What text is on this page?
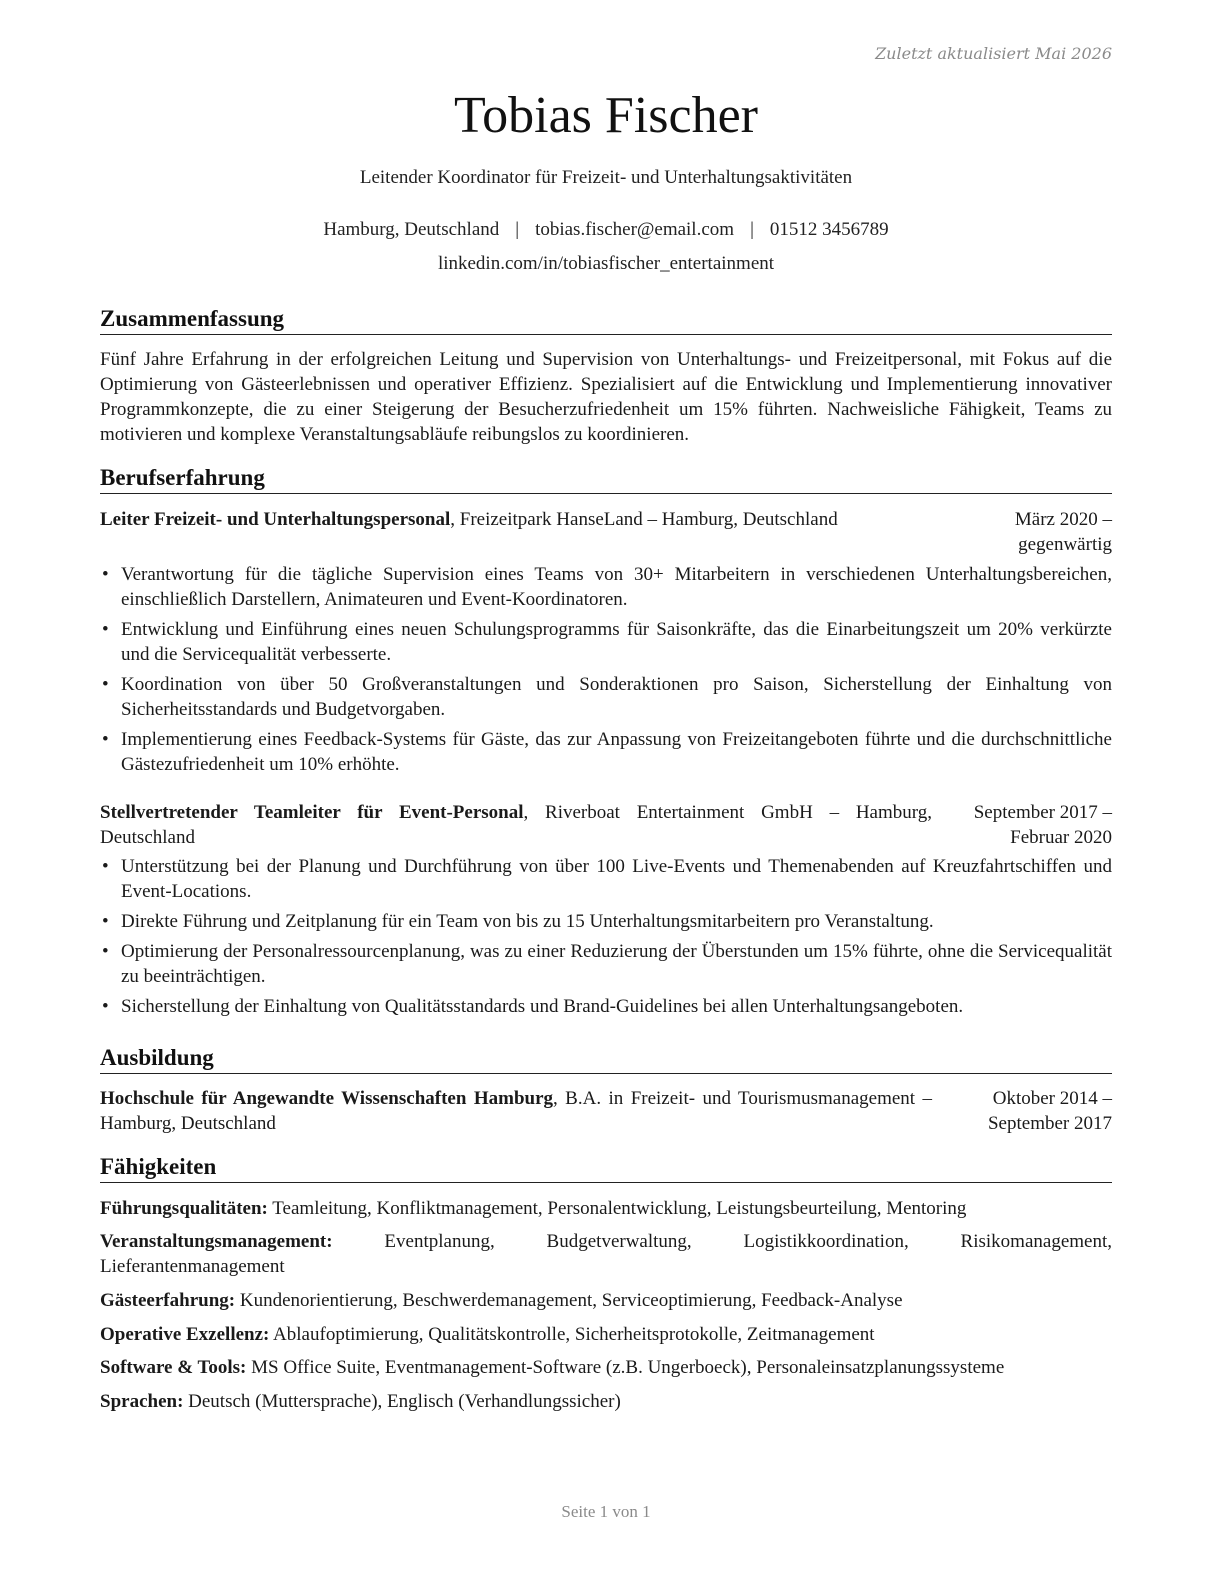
Zuletzt aktualisiert Mai 2026
Tobias Fischer
Leitender Koordinator für Freizeit- und Unterhaltungsaktivitäten
Hamburg, Deutschland | tobias.fischer@email.com | 01512 3456789
linkedin.com/in/tobiasfischer_entertainment
Zusammenfassung
Fünf Jahre Erfahrung in der erfolgreichen Leitung und Supervision von Unterhaltungs- und Freizeitpersonal, mit Fokus auf die Optimierung von Gästeerlebnissen und operativer Effizienz. Spezialisiert auf die Entwicklung und Implementierung innovativer Programmkonzepte, die zu einer Steigerung der Besucherzufriedenheit um 15% führten. Nachweisliche Fähigkeit, Teams zu motivieren und komplexe Veranstaltungsabläufe reibungslos zu koordinieren.
Berufserfahrung
Leiter Freizeit- und Unterhaltungspersonal, Freizeitpark HanseLand – Hamburg, Deutschland	März 2020 – gegenwärtig
• Verantwortung für die tägliche Supervision eines Teams von 30+ Mitarbeitern in verschiedenen Unterhaltungsbereichen, einschließlich Darstellern, Animateuren und Event-Koordinatoren.
• Entwicklung und Einführung eines neuen Schulungsprogramms für Saisonkräfte, das die Einarbeitungszeit um 20% verkürzte und die Servicequalität verbesserte.
• Koordination von über 50 Großveranstaltungen und Sonderaktionen pro Saison, Sicherstellung der Einhaltung von Sicherheitsstandards und Budgetvorgaben.
• Implementierung eines Feedback-Systems für Gäste, das zur Anpassung von Freizeitangeboten führte und die durchschnittliche Gästezufriedenheit um 10% erhöhte.
Stellvertretender Teamleiter für Event-Personal, Riverboat Entertainment GmbH – Hamburg, Deutschland
September 2017 – Februar 2020
• Unterstützung bei der Planung und Durchführung von über 100 Live-Events und Themenabenden auf Kreuzfahrtschiffen und Event-Locations.
• Direkte Führung und Zeitplanung für ein Team von bis zu 15 Unterhaltungsmitarbeitern pro Veranstaltung.
• Optimierung der Personalressourcenplanung, was zu einer Reduzierung der Überstunden um 15% führte, ohne die Servicequalität zu beeinträchtigen.
• Sicherstellung der Einhaltung von Qualitätsstandards und Brand-Guidelines bei allen Unterhaltungsangeboten.
Ausbildung
Hochschule für Angewandte Wissenschaften Hamburg, B.A. in Freizeit- und Tourismusmanagement – Hamburg, Deutschland
Oktober 2014 – September 2017
Fähigkeiten
Führungsqualitäten: Teamleitung, Konfliktmanagement, Personalentwicklung, Leistungsbeurteilung, Mentoring
Veranstaltungsmanagement: Eventplanung, Budgetverwaltung, Logistikkoordination, Risikomanagement, Lieferantenmanagement
Gästeerfahrung: Kundenorientierung, Beschwerdemanagement, Serviceoptimierung, Feedback-Analyse
Operative Exzellenz: Ablaufoptimierung, Qualitätskontrolle, Sicherheitsprotokolle, Zeitmanagement
Software & Tools: MS Office Suite, Eventmanagement-Software (z.B. Ungerboeck), Personaleinsatzplanungssysteme
Sprachen: Deutsch (Muttersprache), Englisch (Verhandlungssicher)
Seite 1 von 1
